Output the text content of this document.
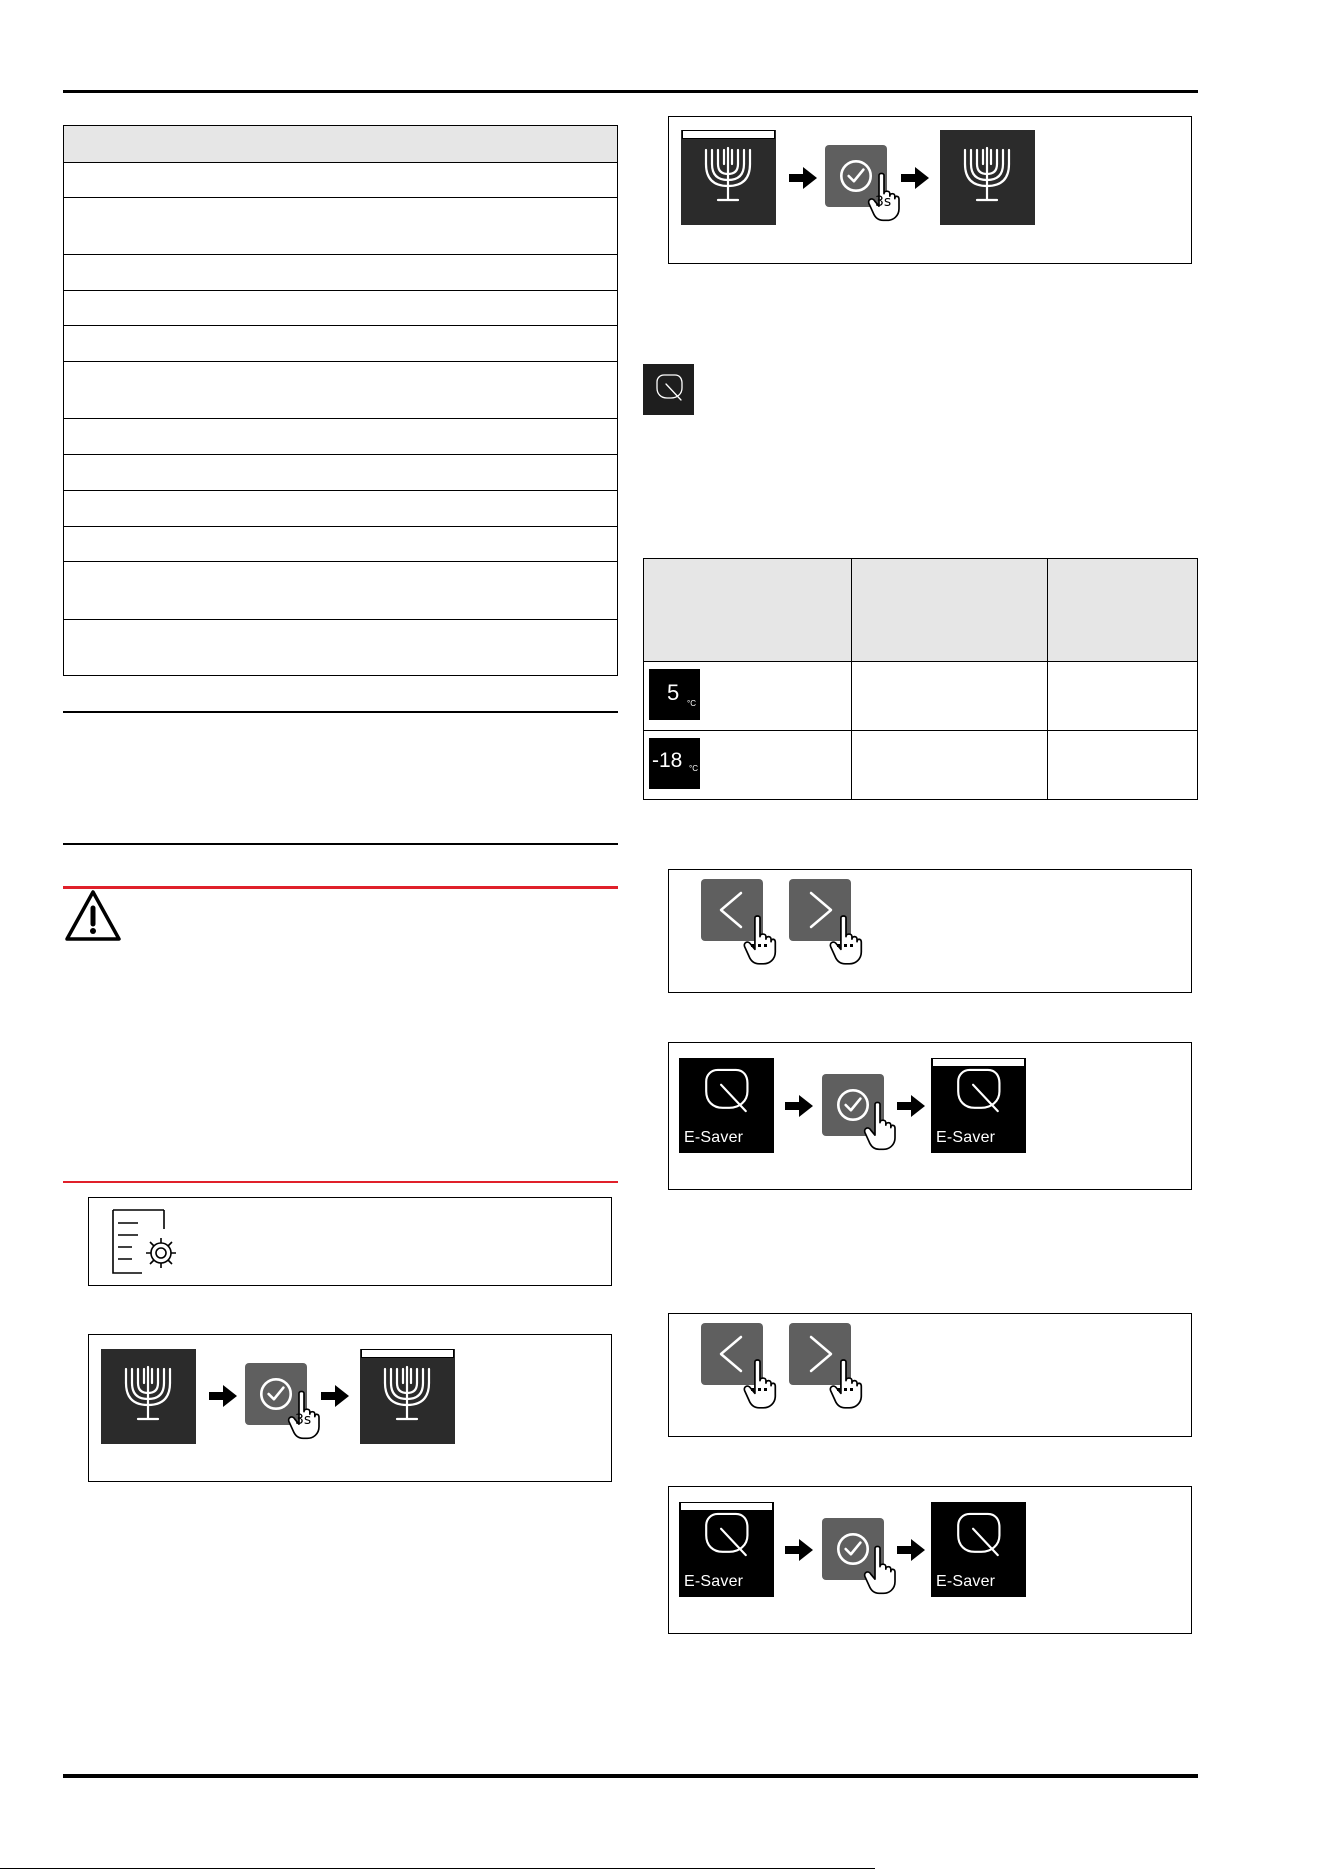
3s
3s
5 °C
-18 °C
E-Saver	E-Saver
E-Saver	E-Saver
